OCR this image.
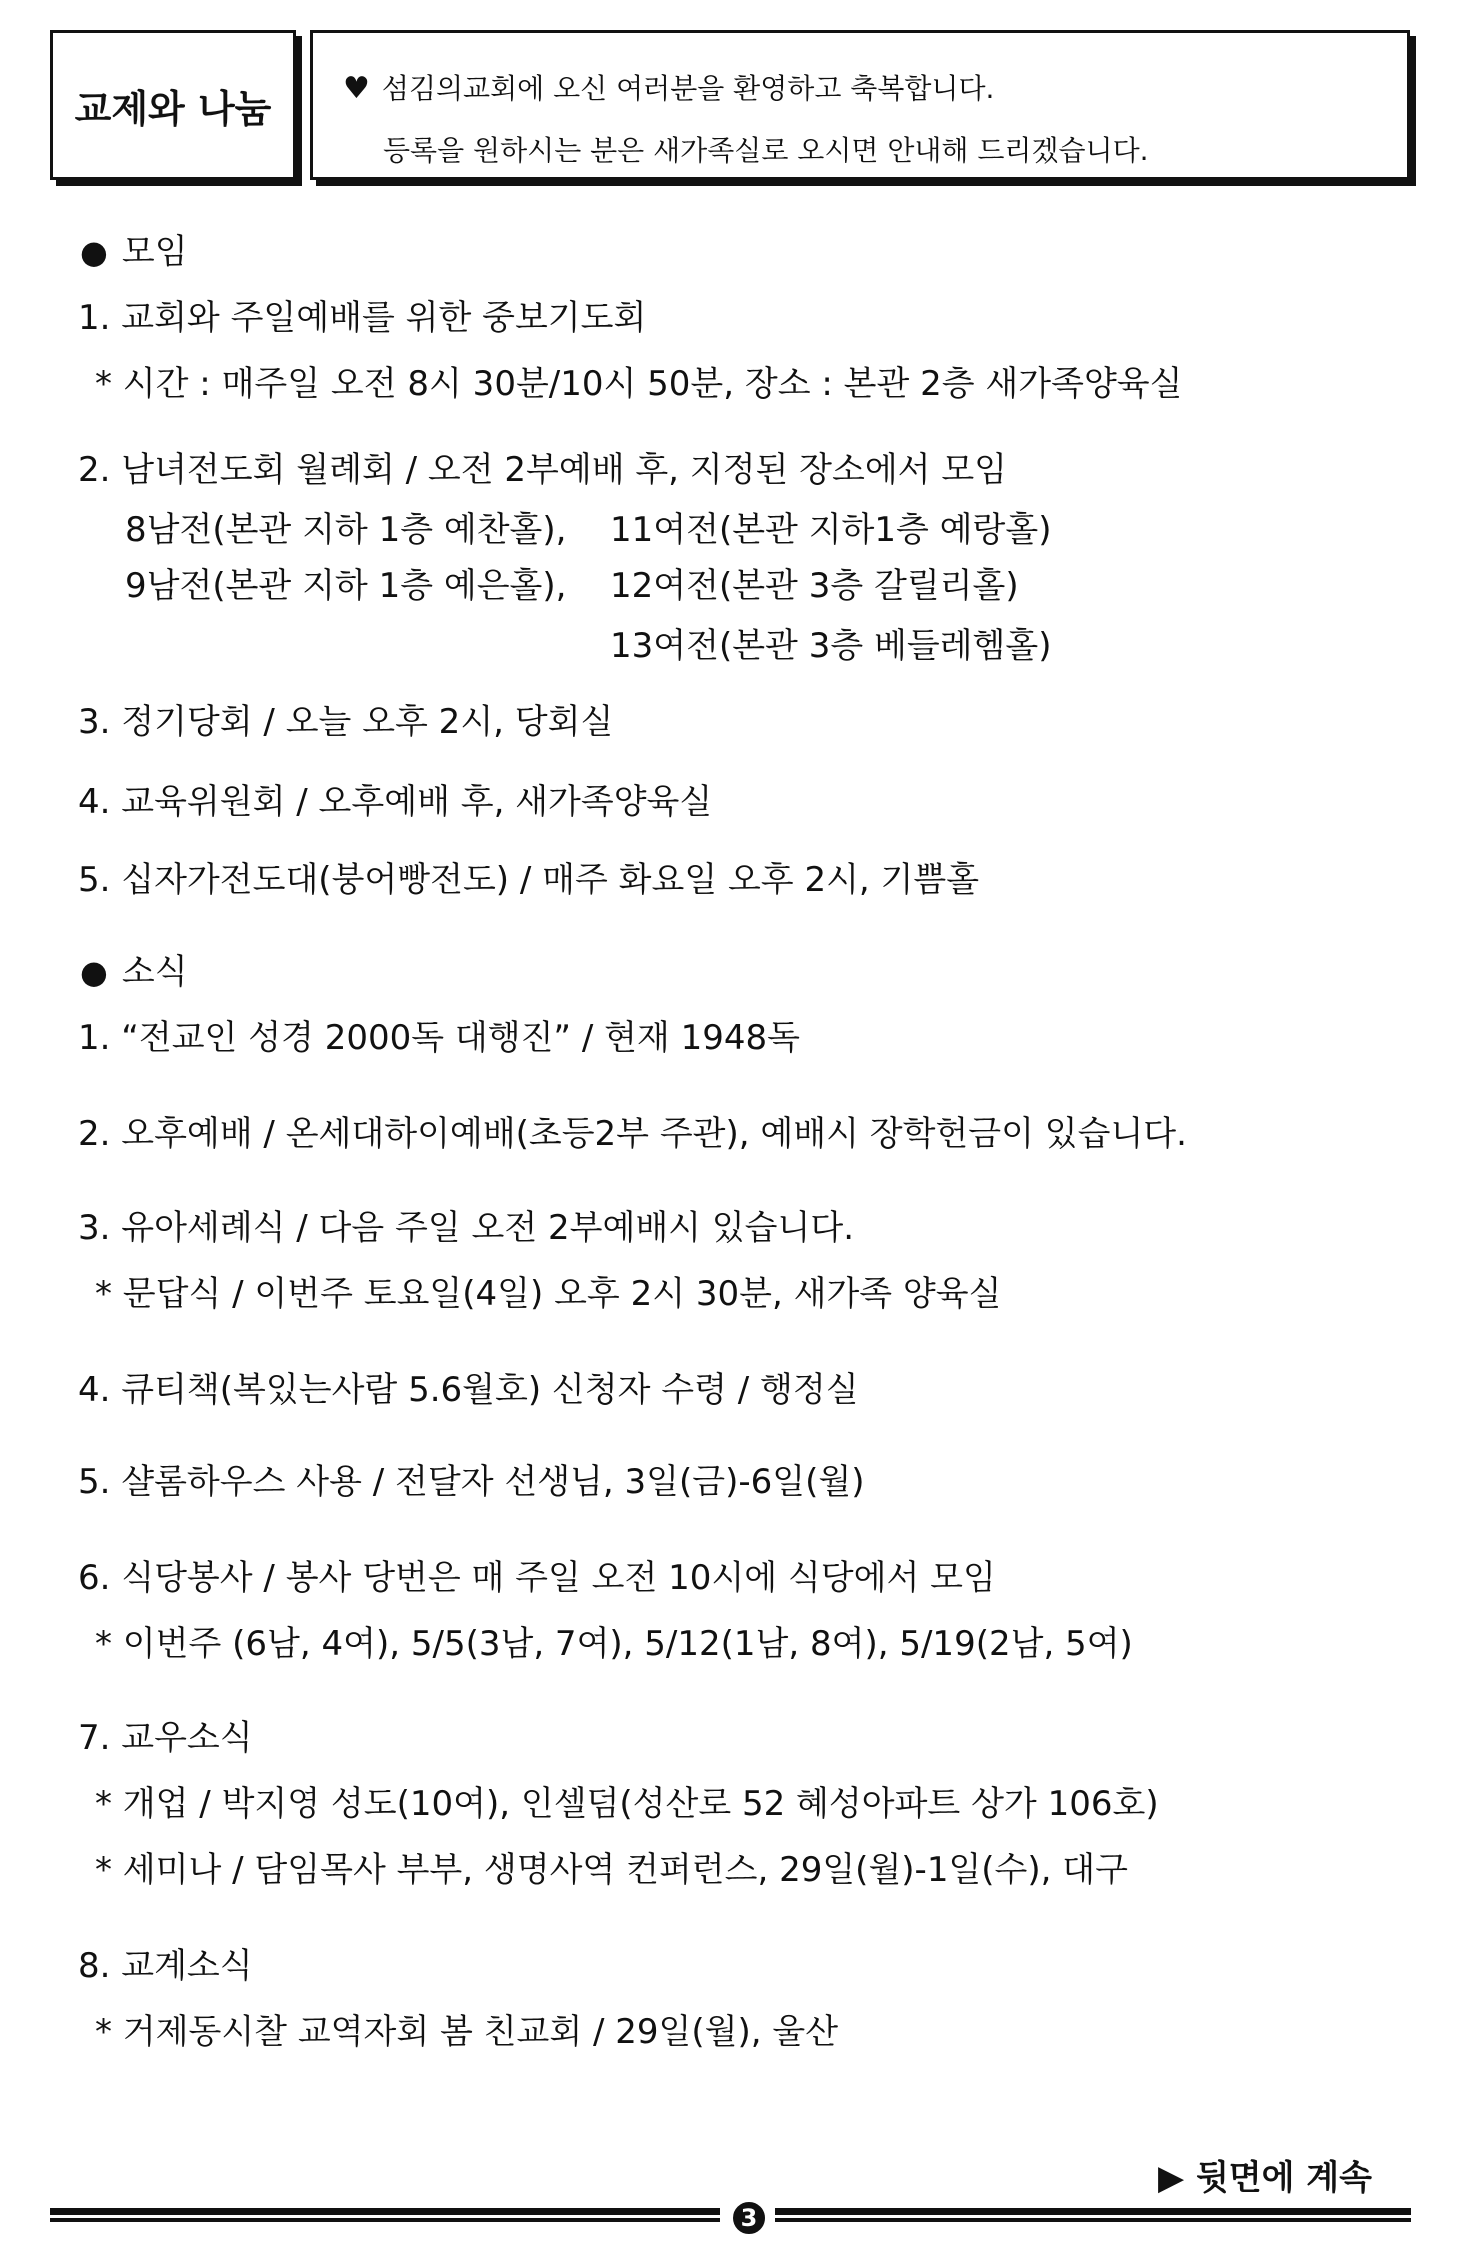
교제와 나눔 ♥ 섬김의교회에 오신 여러분을 환영하고 축복합니다.
등록을 원하시는 분은 새가족실로 오시면 안내해 드리겠습니다.
● 모임
1. 교회와 주일예배를 위한 중보기도회
* 시간 : 매주일 오전 8시 30분/10시 50분, 장소 : 본관 2층 새가족양육실
2. 남녀전도회 월례회 / 오전 2부예배 후, 지정된 장소에서 모임
8남전(본관 지하 1층 예찬홀), 11여전(본관 지하1층 예랑홀)
9남전(본관 지하 1층 예은홀), 12여전(본관 3층 갈릴리홀)
13여전(본관 3층 베들레헴홀)
3. 정기당회 / 오늘 오후 2시, 당회실
4. 교육위원회 / 오후예배 후, 새가족양육실
5. 십자가전도대(붕어빵전도) / 매주 화요일 오후 2시, 기쁨홀
● 소식
1. “전교인 성경 2000독 대행진” / 현재 1948독
2. 오후예배 / 온세대하이예배(초등2부 주관), 예배시 장학헌금이 있습니다.
3. 유아세례식 / 다음 주일 오전 2부예배시 있습니다.
* 문답식 / 이번주 토요일(4일) 오후 2시 30분, 새가족 양육실
4. 큐티책(복있는사람 5.6월호) 신청자 수령 / 행정실
5. 샬롬하우스 사용 / 전달자 선생님, 3일(금)-6일(월)
6. 식당봉사 / 봉사 당번은 매 주일 오전 10시에 식당에서 모임
* 이번주 (6남, 4여), 5/5(3남, 7여), 5/12(1남, 8여), 5/19(2남, 5여)
7. 교우소식
* 개업 / 박지영 성도(10여), 인셀덤(성산로 52 혜성아파트 상가 106호)
* 세미나 / 담임목사 부부, 생명사역 컨퍼런스, 29일(월)-1일(수), 대구
8. 교계소식
* 거제동시찰 교역자회 봄 친교회 / 29일(월), 울산
▶ 뒷면에 계속
3
